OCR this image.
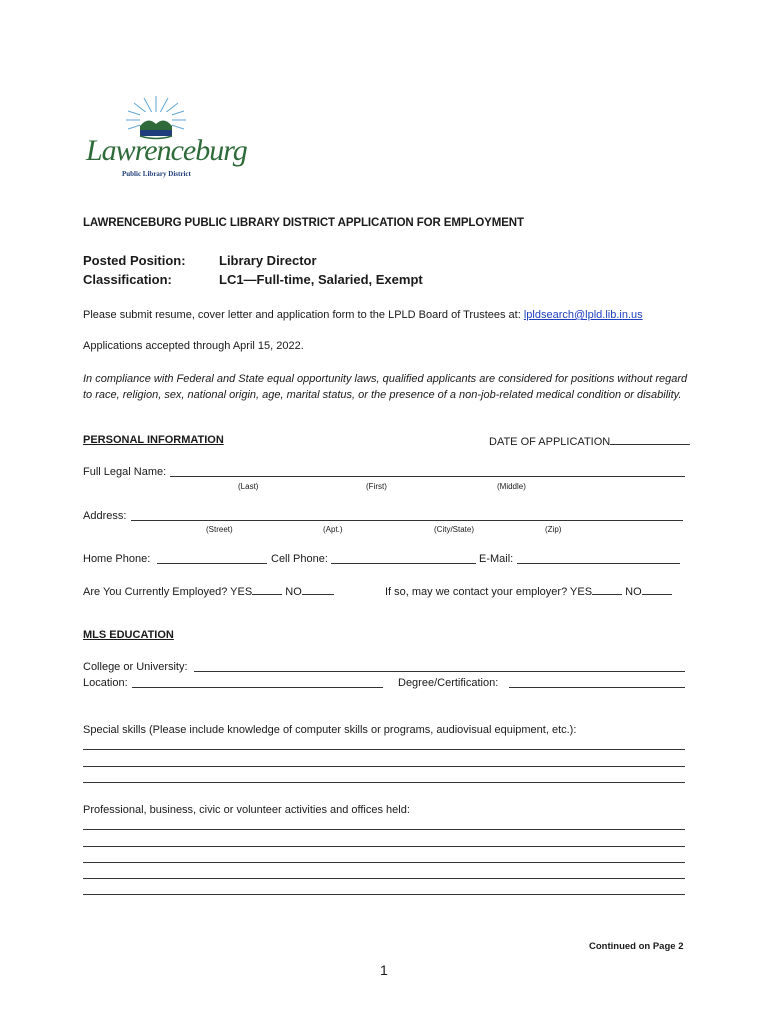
Lawrenceburg
Public Library District
LAWRENCEBURG PUBLIC LIBRARY DISTRICT APPLICATION FOR EMPLOYMENT
Posted Position:	Library Director
Classification:	LC1—Full-time, Salaried, Exempt
Please submit resume, cover letter and application form to the LPLD Board of Trustees at: lpldsearch@lpld.lib.in.us
Applications accepted through April 15, 2022.
In compliance with Federal and State equal opportunity laws, qualified applicants are considered for positions without regard to race, religion, sex, national origin, age, marital status, or the presence of a non-job-related medical condition or disability.
PERSONAL INFORMATION	DATE OF APPLICATION
Full Legal Name:
(Last)	(First)	(Middle)
Address:
(Street)	(Apt.)	(City/State)	(Zip)
Home Phone:	Cell Phone:	E-Mail:
Are You Currently Employed? YES	NO	If so, may we contact your employer? YES	NO
MLS EDUCATION
College or University:
Location:	Degree/Certification:
Special skills (Please include knowledge of computer skills or programs, audiovisual equipment, etc.):
Professional, business, civic or volunteer activities and offices held:
Continued on Page 2
1
